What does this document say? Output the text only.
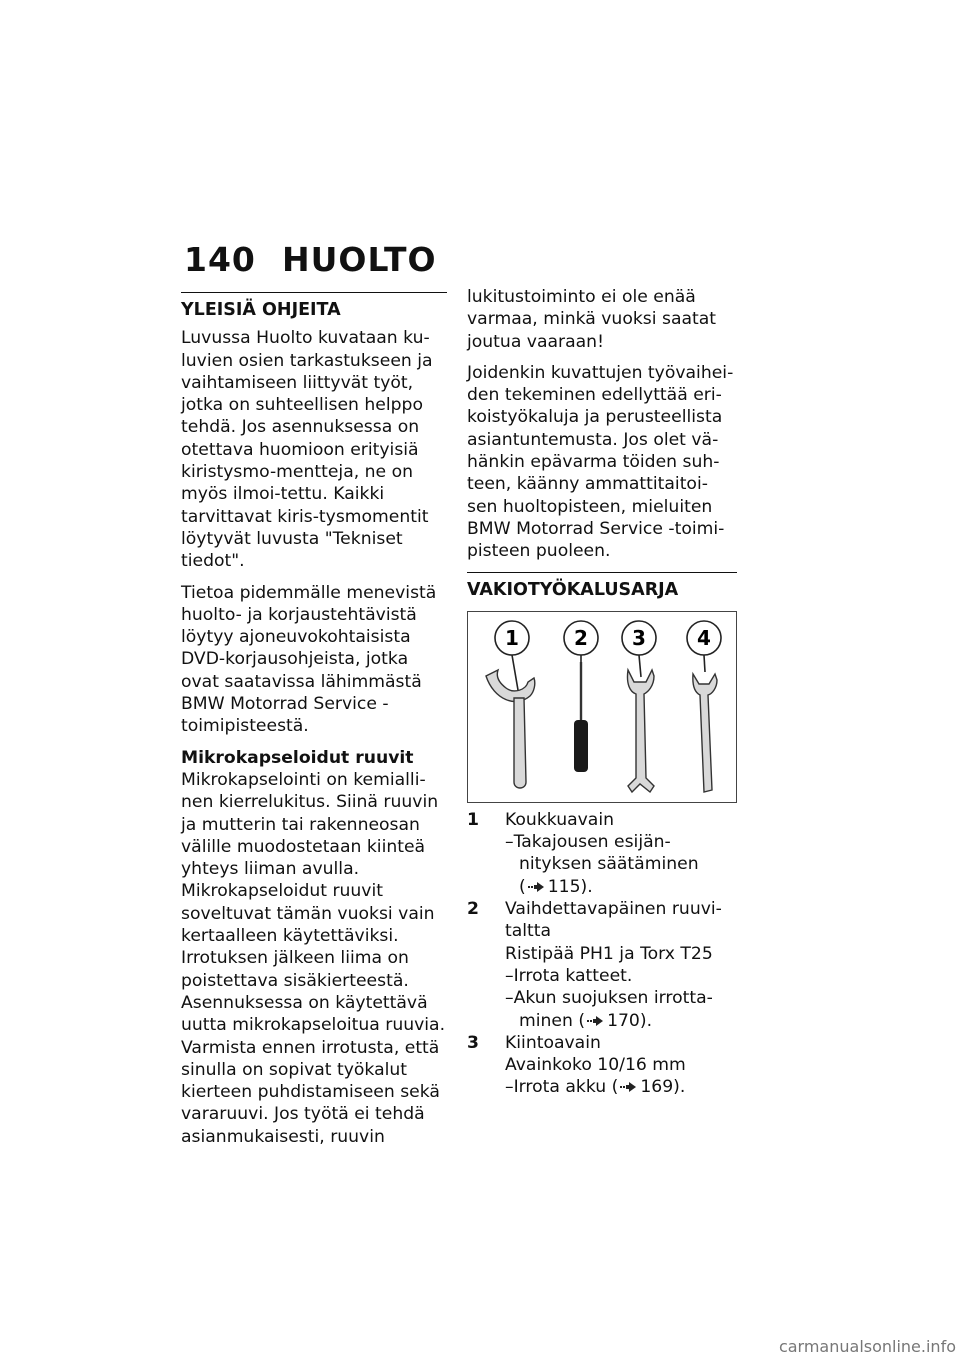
140 HUOLTO
YLEISIÄ OHJEITA

Luvussa Huolto kuvataan ku-luvien osien tarkastukseen ja vaihtamiseen liittyvät työt, jotka on suhteellisen helppo tehdä. Jos asennuksessa on otettava huomioon erityisiä kiristysmo-mentteja, ne on myös ilmoi-tettu. Kaikki tarvittavat kiris-tysmomentit löytyvät luvusta "Tekniset tiedot".

Tietoa pidemmälle menevistä huolto- ja korjaustehtävistä löytyy ajoneuvokohtaisista DVD-korjausohjeista, jotka ovat saatavissa lähimmästä BMW Motorrad Service -toimipisteestä.

Mikrokapseloidut ruuvit

Mikrokapselointi on kemialli-nen kierrelukitus. Siinä ruuvin ja mutterin tai rakenneosan välille muodostetaan kiinteä yhteys liiman avulla. Mikrokapseloidut ruuvit soveltuvat tämän vuoksi vain kertaalleen käytettäviksi. Irrotuksen jälkeen liima on poistettava sisäkierteestä. Asennuksessa on käytettävä uutta mikrokapseloitua ruuvia. Varmista ennen irrotusta, että sinulla on sopivat työkalut kierteen puhdistamiseen sekä vararuuvi. Jos työtä ei tehdä asianmukaisesti, ruuvin

lukitustoiminto ei ole enää varmaa, minkä vuoksi saatat joutua vaaraan!

Joidenkin kuvattujen työvaihei-den tekeminen edellyttää eri-koistyökaluja ja perusteellista asiantuntemusta. Jos olet vä-hänkin epävarma töiden suh-teen, käänny ammattitaitoi-sen huoltopisteen, mieluiten BMW Motorrad Service -toimi-pisteen puoleen.

VAKIOTYÖKALUSARJA
1	2 3	4
1	Koukkuavain
–Takajousen esijän-nityksen säätäminen
( 115).
2	Vaihdettavapäinen ruuvi-taltta
Ristipää PH1 ja Torx T25
–Irrota katteet.
–Akun suojuksen irrotta-minen ( 170).
3	Kiintoavain
Avainkoko 10/16 mm
–Irrota akku ( 169).
carmanualsonline.info
